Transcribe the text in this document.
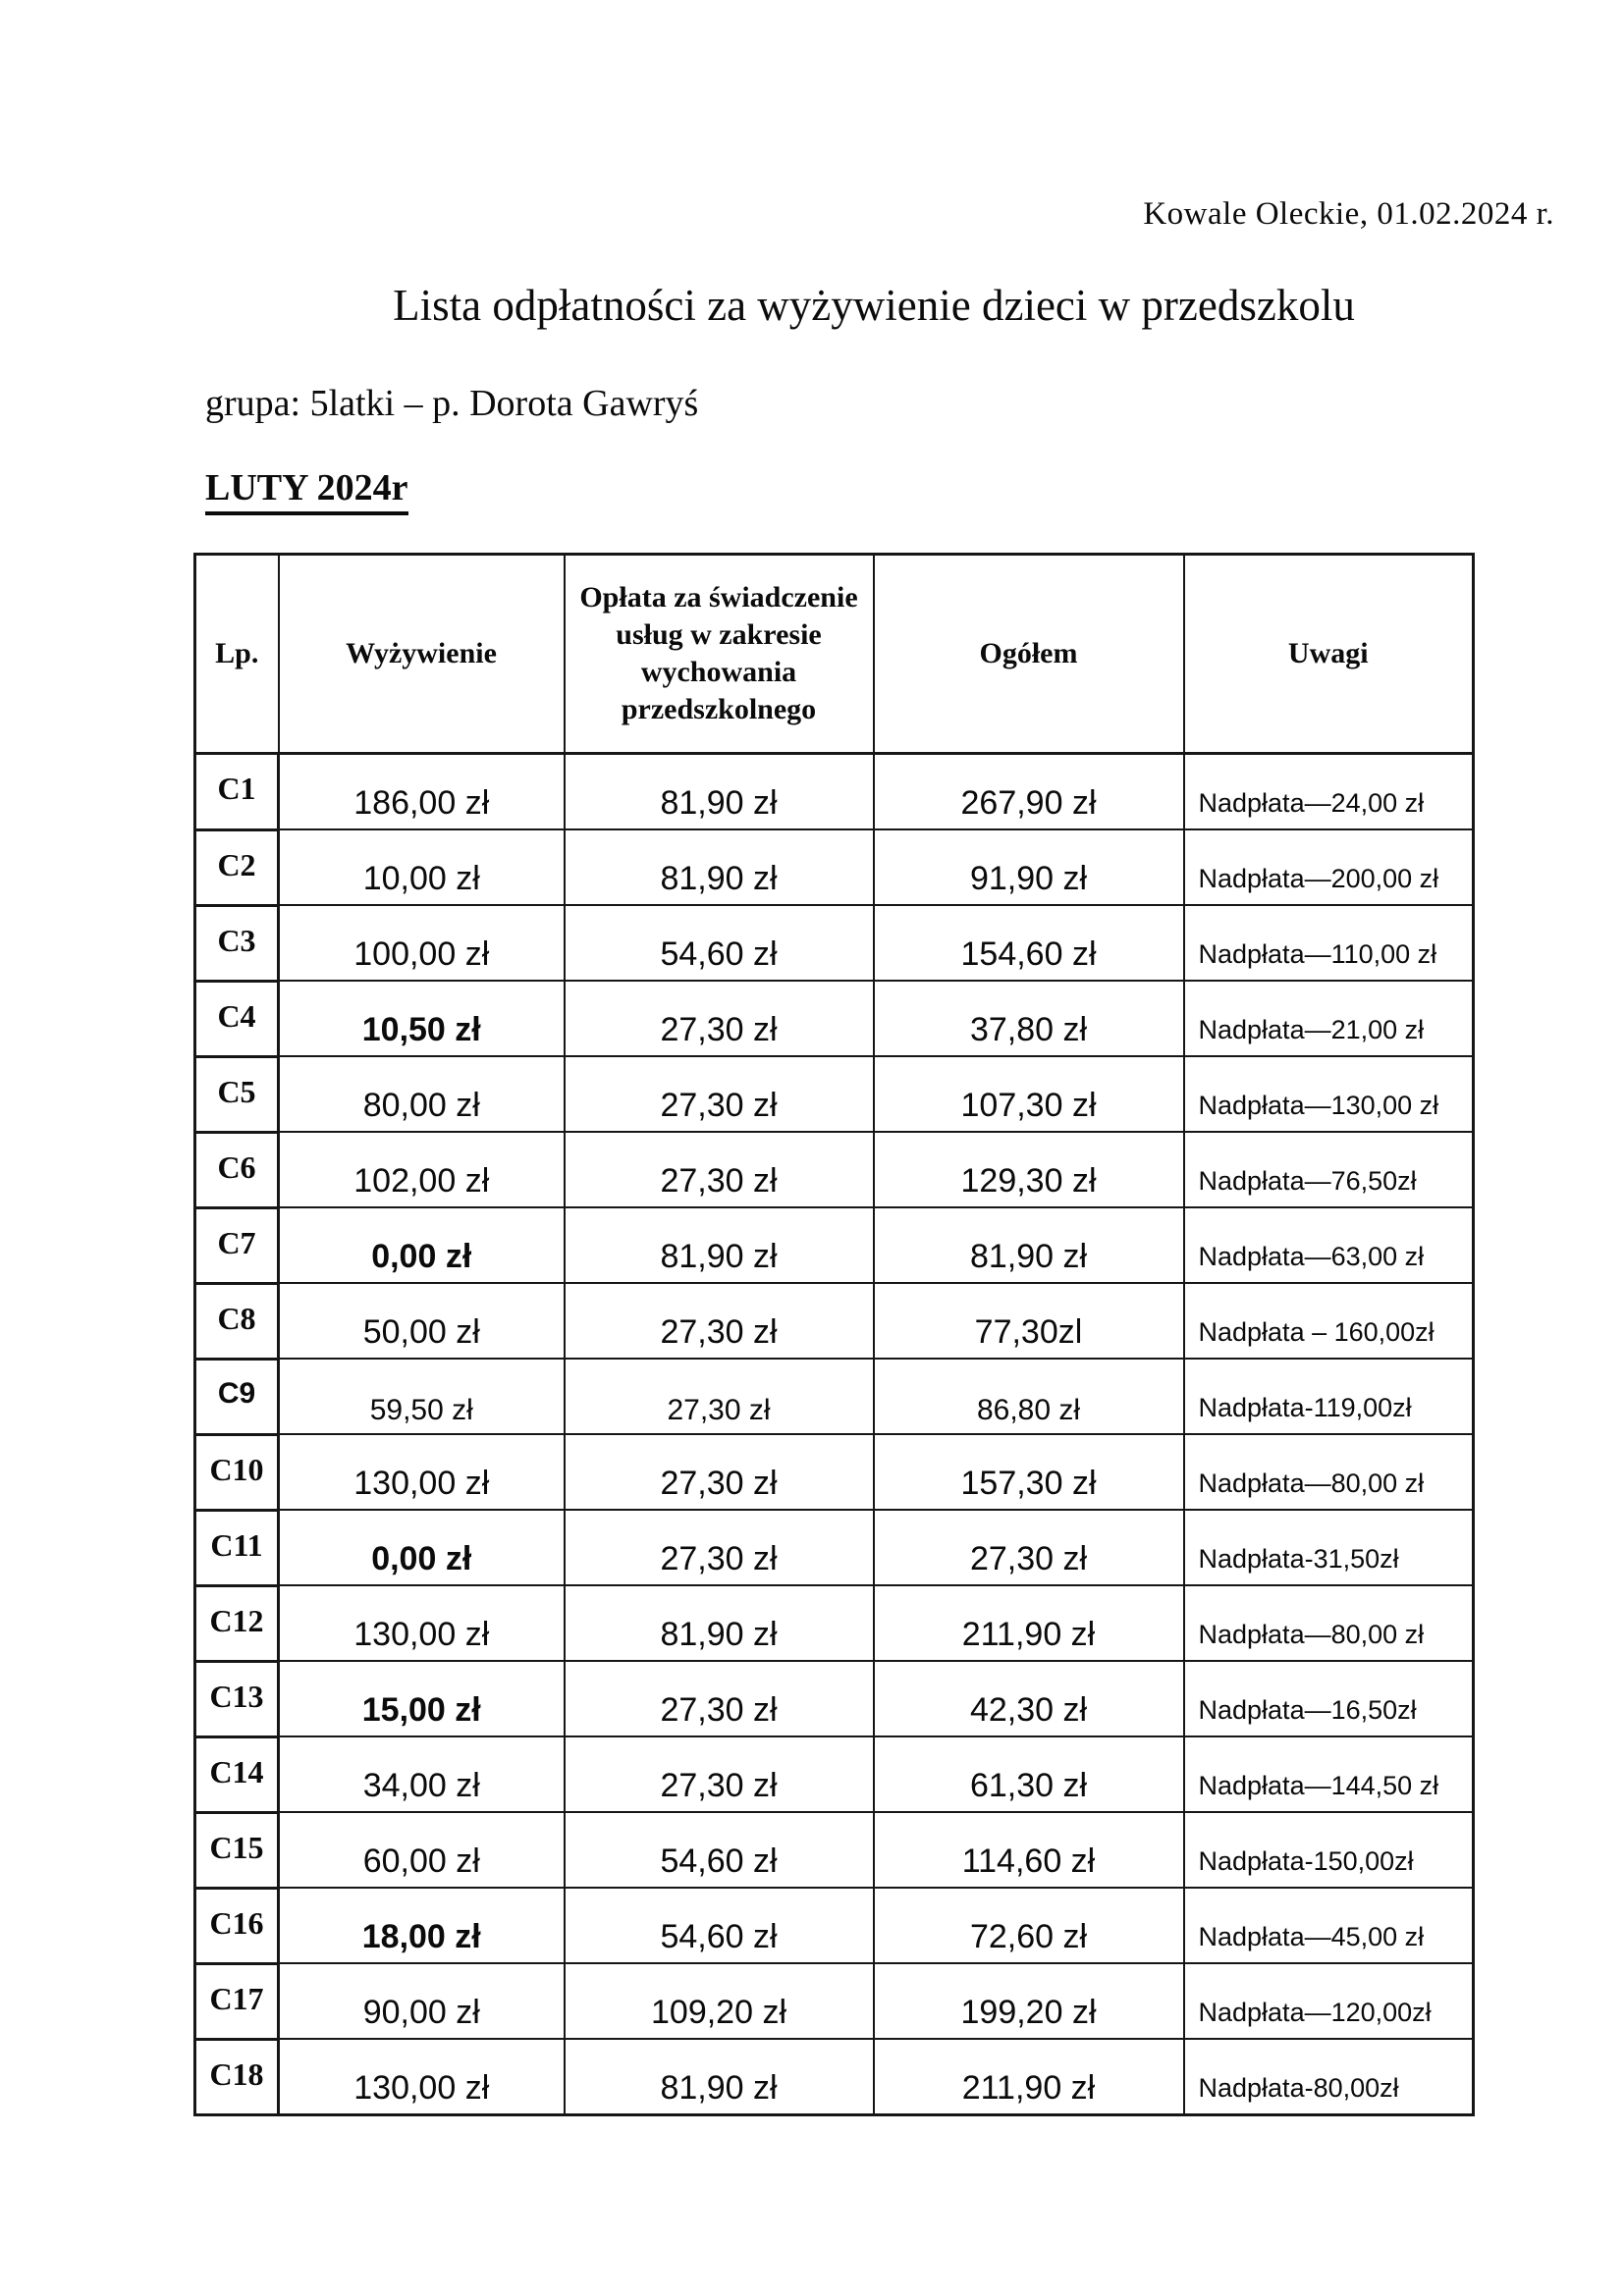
Kowale Oleckie, 01.02.2024 r.
Lista odpłatności za wyżywienie dzieci w przedszkolu
grupa: 5latki – p. Dorota Gawryś
LUTY 2024r
Lp.	Wyżywienie	Opłata za świadczenie usług w zakresie wychowania przedszkolnego	Ogółem	Uwagi
C1	186,00 zł	81,90 zł	267,90 zł	Nadpłata—24,00 zł
C2	10,00 zł	81,90 zł	91,90 zł	Nadpłata—200,00 zł
C3	100,00 zł	54,60 zł	154,60 zł	Nadpłata—110,00 zł
C4	10,50 zł	27,30 zł	37,80 zł	Nadpłata—21,00 zł
C5	80,00 zł	27,30 zł	107,30 zł	Nadpłata—130,00 zł
C6	102,00 zł	27,30 zł	129,30 zł	Nadpłata—76,50zł
C7	0,00 zł	81,90 zł	81,90 zł	Nadpłata—63,00 zł
C8	50,00 zł	27,30 zł	77,30zl	Nadpłata – 160,00zł
C9	59,50 zł	27,30 zł	86,80 zł	Nadpłata-119,00zł
C10	130,00 zł	27,30 zł	157,30 zł	Nadpłata—80,00 zł
C11	0,00 zł	27,30 zł	27,30 zł	Nadpłata-31,50zł
C12	130,00 zł	81,90 zł	211,90 zł	Nadpłata—80,00 zł
C13	15,00 zł	27,30 zł	42,30 zł	Nadpłata—16,50zł
C14	34,00 zł	27,30 zł	61,30 zł	Nadpłata—144,50 zł
C15	60,00 zł	54,60 zł	114,60 zł	Nadpłata-150,00zł
C16	18,00 zł	54,60 zł	72,60 zł	Nadpłata—45,00 zł
C17	90,00 zł	109,20 zł	199,20 zł	Nadpłata—120,00zł
C18	130,00 zł	81,90 zł	211,90 zł	Nadpłata-80,00zł
